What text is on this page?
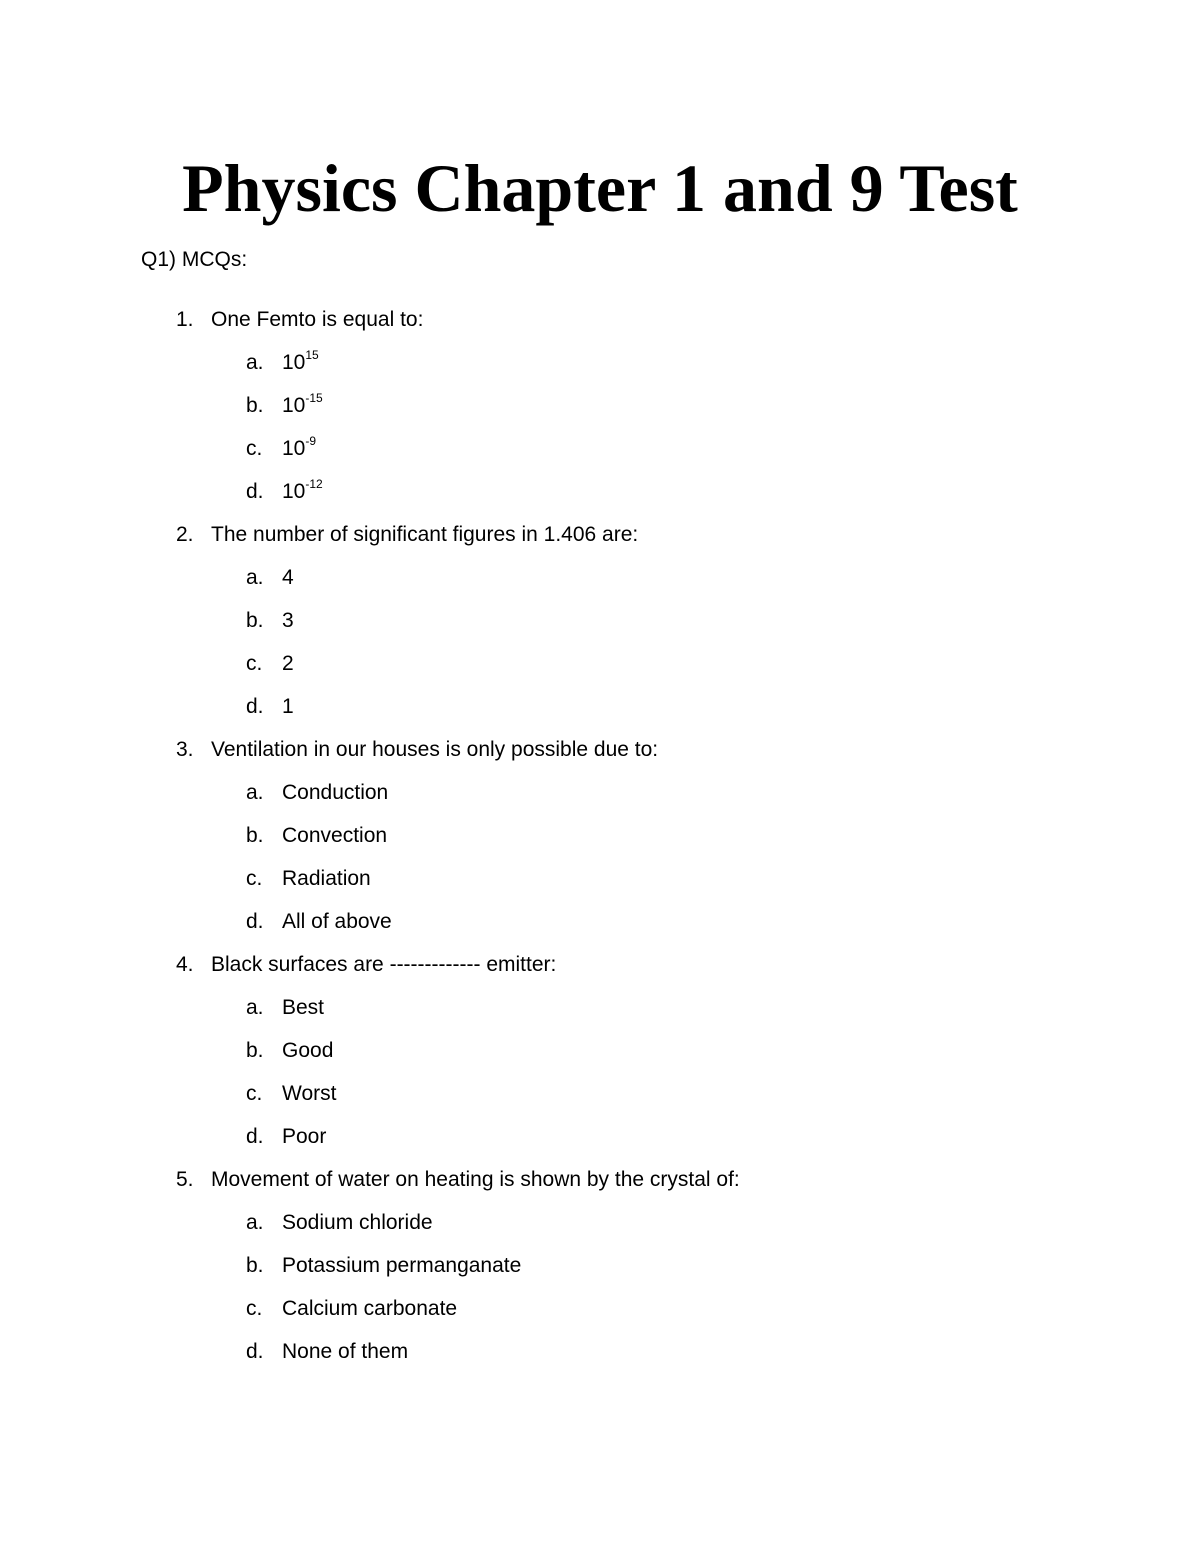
Physics Chapter 1 and 9 Test
Q1) MCQs:
1. One Femto is equal to:
a. $10^{15}$
b. $10^{-15}$
c. $10^{-9}$
d. $10^{-12}$
2. The number of significant figures in 1.406 are:
a. 4
b. 3
c. 2
d. 1
3. Ventilation in our houses is only possible due to:
a. Conduction
b. Convection
c. Radiation
d. All of above
4. Black surfaces are ------------- emitter:
a. Best
b. Good
c. Worst
d. Poor
5. Movement of water on heating is shown by the crystal of:
a. Sodium chloride
b. Potassium permanganate
c. Calcium carbonate
d. None of them
